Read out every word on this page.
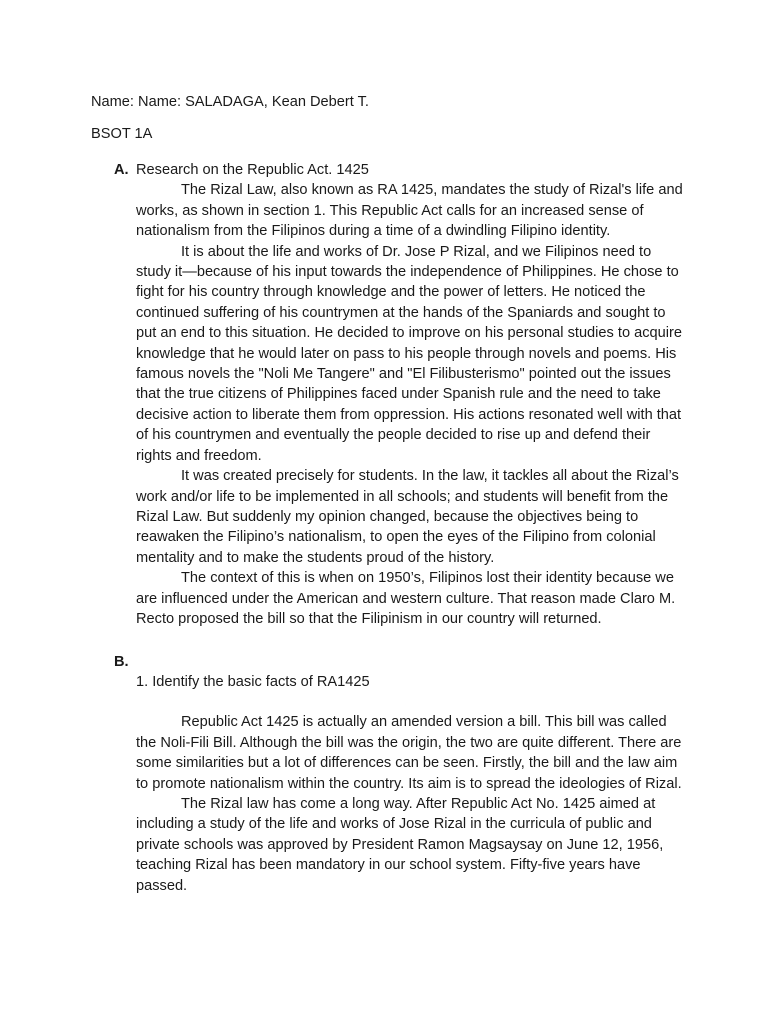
Name: Name: SALADAGA, Kean Debert T.
BSOT 1A
A. Research on the Republic Act. 1425

The Rizal Law, also known as RA 1425, mandates the study of Rizal's life and works, as shown in section 1. This Republic Act calls for an increased sense of nationalism from the Filipinos during a time of a dwindling Filipino identity.

It is about the life and works of Dr. Jose P Rizal, and we Filipinos need to study it—because of his input towards the independence of Philippines. He chose to fight for his country through knowledge and the power of letters. He noticed the continued suffering of his countrymen at the hands of the Spaniards and sought to put an end to this situation. He decided to improve on his personal studies to acquire knowledge that he would later on pass to his people through novels and poems. His famous novels the "Noli Me Tangere" and "El Filibusterismo" pointed out the issues that the true citizens of Philippines faced under Spanish rule and the need to take decisive action to liberate them from oppression. His actions resonated well with that of his countrymen and eventually the people decided to rise up and defend their rights and freedom.

It was created precisely for students. In the law, it tackles all about the Rizal’s work and/or life to be implemented in all schools; and students will benefit from the Rizal Law. But suddenly my opinion changed, because the objectives being to reawaken the Filipino’s nationalism, to open the eyes of the Filipino from colonial mentality and to make the students proud of the history.

The context of this is when on 1950’s, Filipinos lost their identity because we are influenced under the American and western culture. That reason made Claro M. Recto proposed the bill so that the Filipinism in our country will returned.

B.

1. Identify the basic facts of RA1425

Republic Act 1425 is actually an amended version a bill. This bill was called the Noli-Fili Bill. Although the bill was the origin, the two are quite different. There are some similarities but a lot of differences can be seen. Firstly, the bill and the law aim to promote nationalism within the country. Its aim is to spread the ideologies of Rizal.

The Rizal law has come a long way. After Republic Act No. 1425 aimed at including a study of the life and works of Jose Rizal in the curricula of public and private schools was approved by President Ramon Magsaysay on June 12, 1956, teaching Rizal has been mandatory in our school system. Fifty-five years have passed.
